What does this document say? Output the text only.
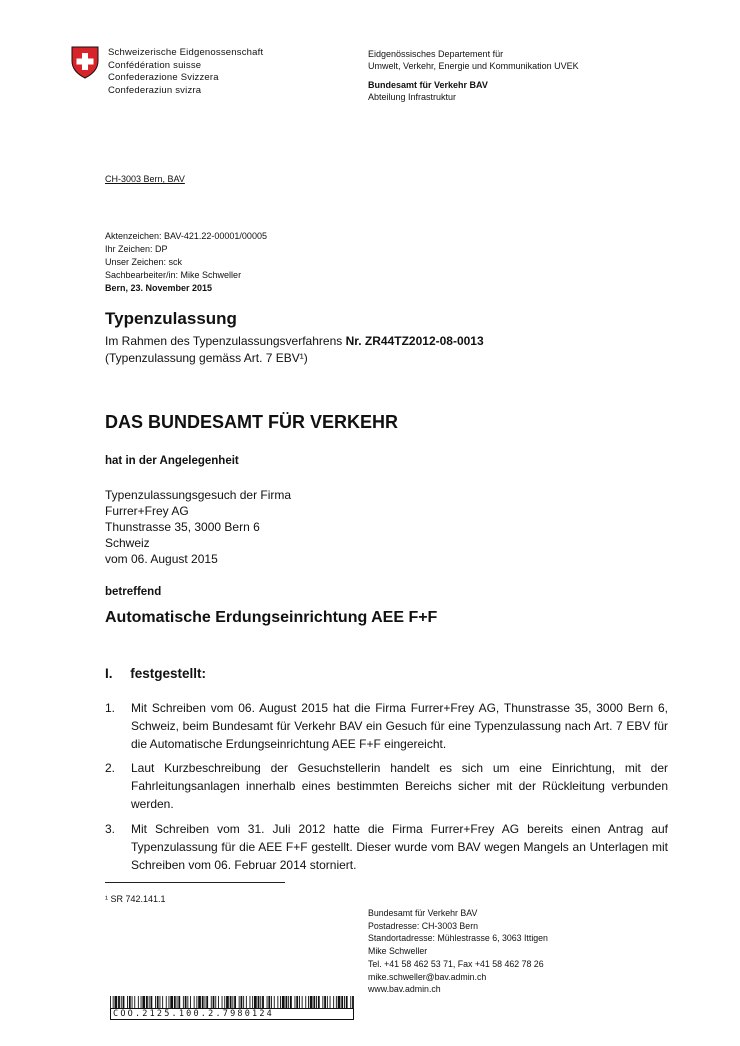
Schweizerische Eidgenossenschaft
Confédération suisse
Confederazione Svizzera
Confederaziun svizra
Eidgenössisches Departement für
Umwelt, Verkehr, Energie und Kommunikation UVEK
Bundesamt für Verkehr BAV
Abteilung Infrastruktur
CH-3003 Bern, BAV
Aktenzeichen: BAV-421.22-00001/00005
Ihr Zeichen: DP
Unser Zeichen: sck
Sachbearbeiter/in: Mike Schweller
Bern, 23. November 2015
Typenzulassung
Im Rahmen des Typenzulassungsverfahrens Nr. ZR44TZ2012-08-0013
(Typenzulassung gemäss Art. 7 EBV¹)
DAS BUNDESAMT FÜR VERKEHR
hat in der Angelegenheit
Typenzulassungsgesuch der Firma
Furrer+Frey AG
Thunstrasse 35, 3000 Bern 6
Schweiz
vom 06. August 2015
betreffend
Automatische Erdungseinrichtung AEE F+F
I. festgestellt:
1. Mit Schreiben vom 06. August 2015 hat die Firma Furrer+Frey AG, Thunstrasse 35, 3000 Bern 6, Schweiz, beim Bundesamt für Verkehr BAV ein Gesuch für eine Typenzulassung nach Art. 7 EBV für die Automatische Erdungseinrichtung AEE F+F eingereicht.
2. Laut Kurzbeschreibung der Gesuchstellerin handelt es sich um eine Einrichtung, mit der Fahrleitungsanlagen innerhalb eines bestimmten Bereichs sicher mit der Rückleitung verbunden werden.
3. Mit Schreiben vom 31. Juli 2012 hatte die Firma Furrer+Frey AG bereits einen Antrag auf Typenzulassung für die AEE F+F gestellt. Dieser wurde vom BAV wegen Mangels an Unterlagen mit Schreiben vom 06. Februar 2014 storniert.
¹ SR 742.141.1
Bundesamt für Verkehr BAV
Postadresse: CH-3003 Bern
Standortadresse: Mühlestrasse 6, 3063 Ittigen
Mike Schweller
Tel. +41 58 462 53 71, Fax +41 58 462 78 26
mike.schweller@bav.admin.ch
www.bav.admin.ch
COO.2125.100.2.7980124
